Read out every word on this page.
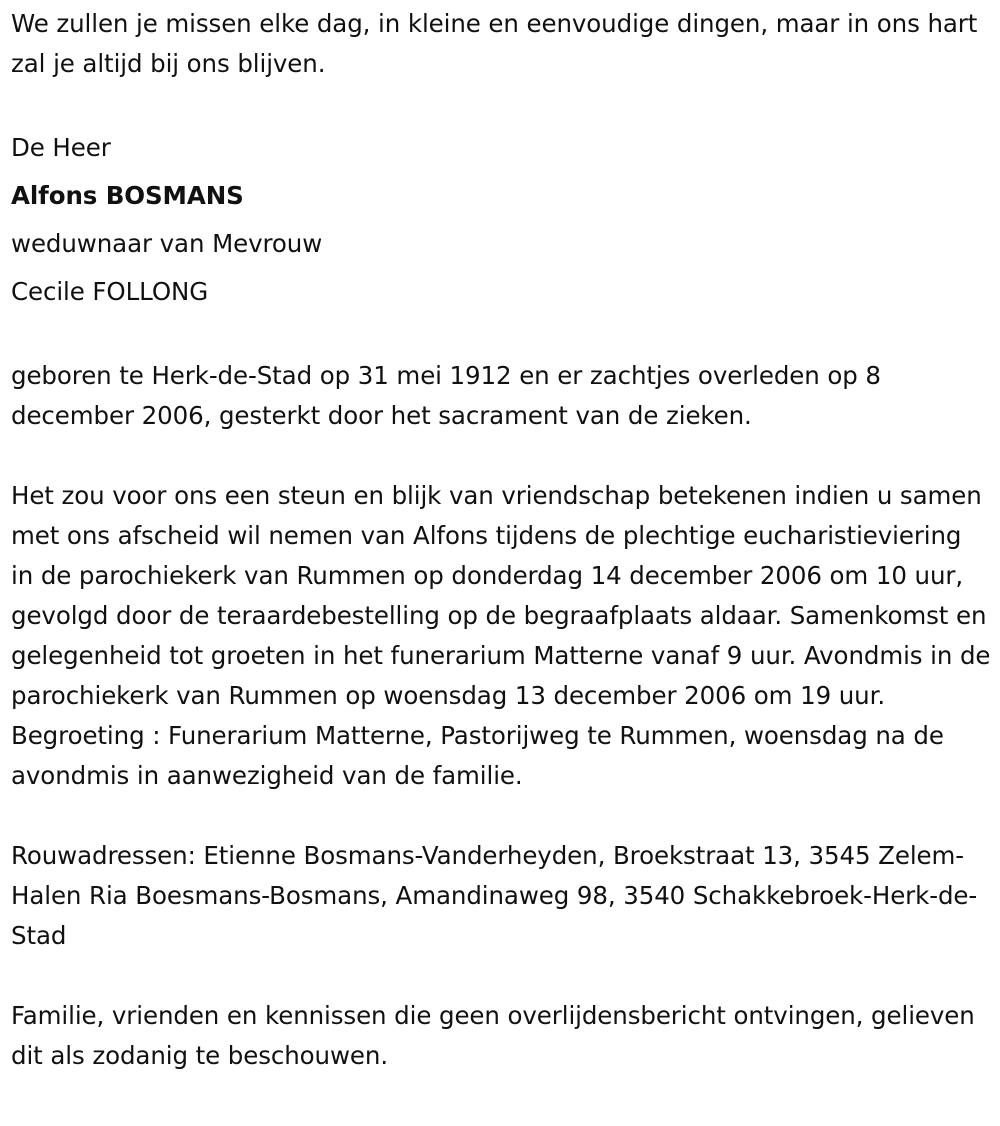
We zullen je missen elke dag, in kleine en eenvoudige dingen, maar in ons hart zal je altijd bij ons blijven.

De Heer
Alfons BOSMANS
weduwnaar van Mevrouw
Cecile FOLLONG

geboren te Herk-de-Stad op 31 mei 1912 en er zachtjes overleden op 8 december 2006, gesterkt door het sacrament van de zieken.

Het zou voor ons een steun en blijk van vriendschap betekenen indien u samen met ons afscheid wil nemen van Alfons tijdens de plechtige eucharistieviering in de parochiekerk van Rummen op donderdag 14 december 2006 om 10 uur, gevolgd door de teraardebestelling op de begraafplaats aldaar. Samenkomst en gelegenheid tot groeten in het funerarium Matterne vanaf 9 uur. Avondmis in de parochiekerk van Rummen op woensdag 13 december 2006 om 19 uur. Begroeting : Funerarium Matterne, Pastorijweg te Rummen, woensdag na de avondmis in aanwezigheid van de familie.

Rouwadressen: Etienne Bosmans-Vanderheyden, Broekstraat 13, 3545 Zelem-Halen Ria Boesmans-Bosmans, Amandinaweg 98, 3540 Schakkebroek-Herk-de-Stad

Familie, vrienden en kennissen die geen overlijdensbericht ontvingen, gelieven dit als zodanig te beschouwen.
